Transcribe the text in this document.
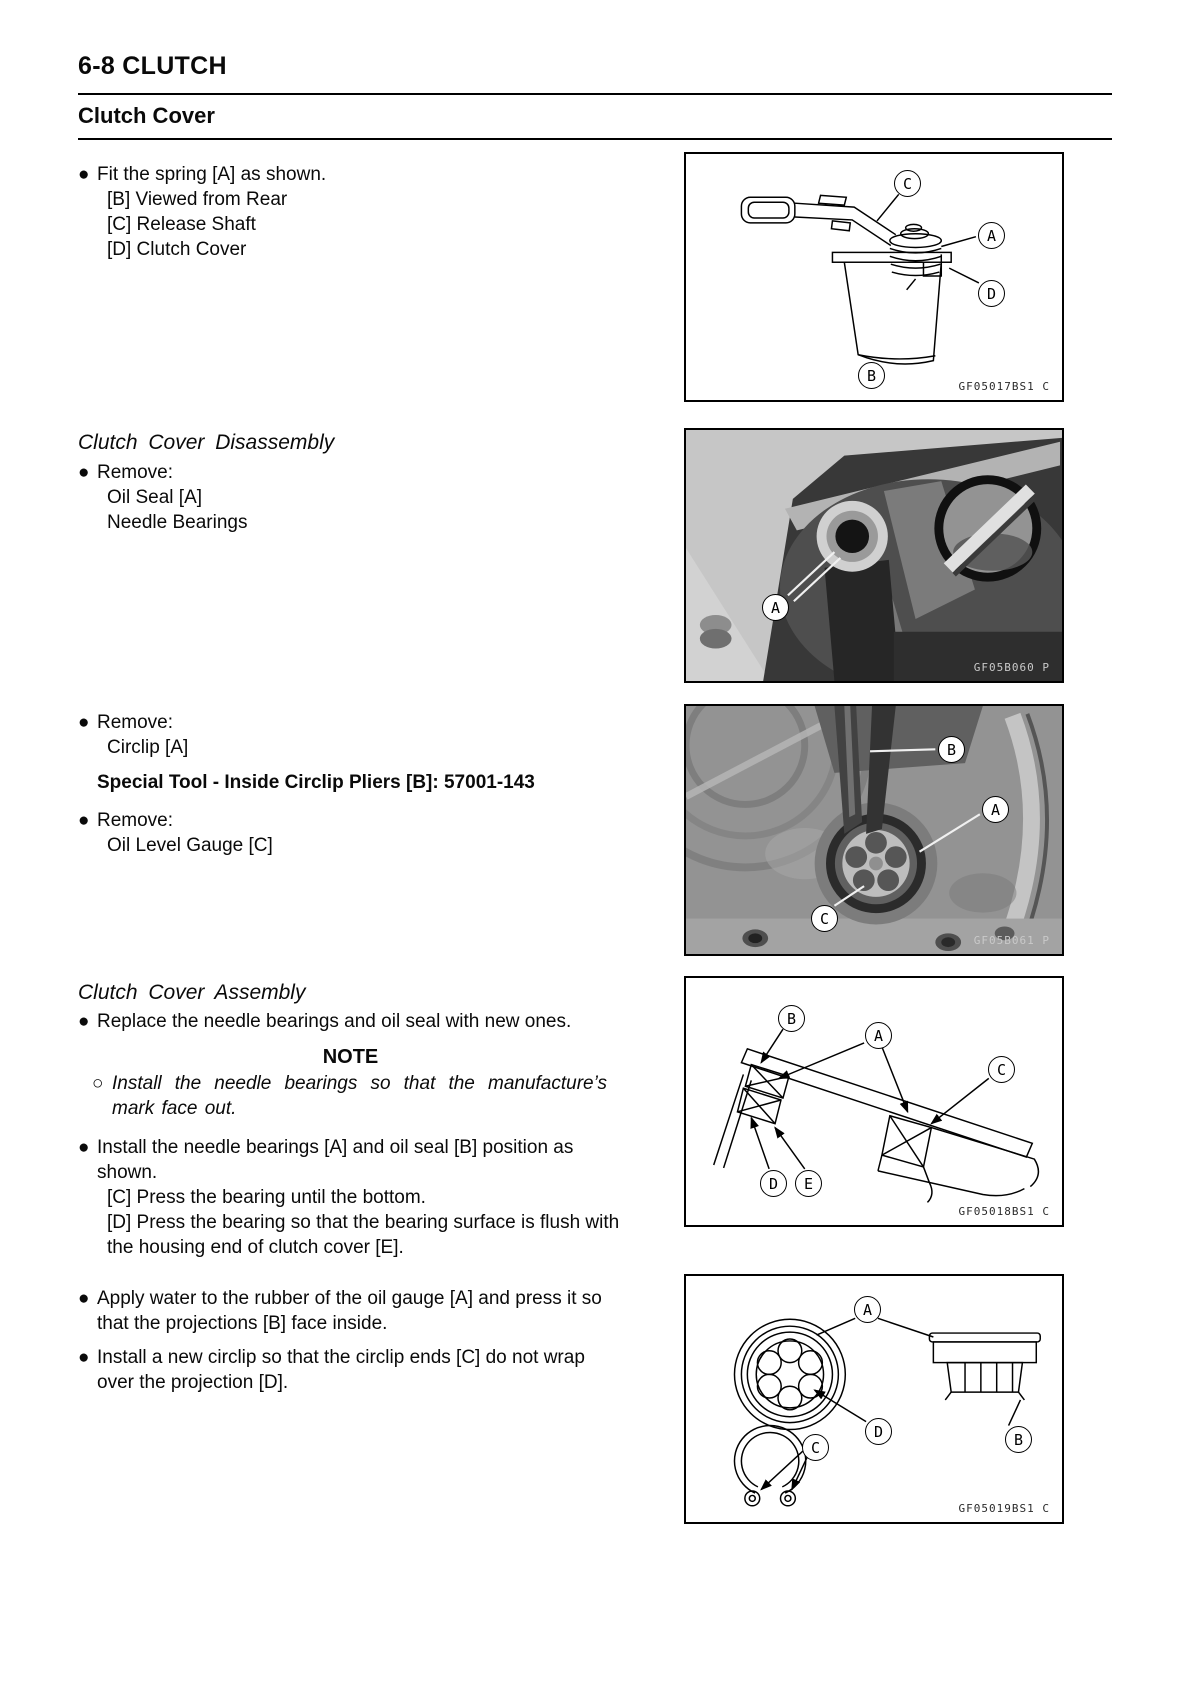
6-8 CLUTCH
Clutch Cover
● Fit the spring [A] as shown.
[B] Viewed from Rear
[C] Release Shaft
[D] Clutch Cover
Clutch Cover Disassembly
● Remove:
Oil Seal [A]
Needle Bearings
● Remove:
Circlip [A]
Special Tool - Inside Circlip Pliers [B]: 57001-143
● Remove:
Oil Level Gauge [C]
Clutch Cover Assembly
● Replace the needle bearings and oil seal with new ones.
NOTE
○ Install the needle bearings so that the manufacture’s mark face out.

● Install the needle bearings [A] and oil seal [B] position as shown.
[C] Press the bearing until the bottom.
[D] Press the bearing so that the bearing surface is flush with the housing end of clutch cover [E].
● Apply water to the rubber of the oil gauge [A] and press it so that the projections [B] face inside.
● Install a new circlip so that the circlip ends [C] do not wrap over the projection [D].
C
A
D
B
GF05017BS1 C
A
GF05B060 P
B
A
C
GF05B061 P
B
A
C
D	E
GF05018BS1 C
A
D	B
C
GF05019BS1 C
